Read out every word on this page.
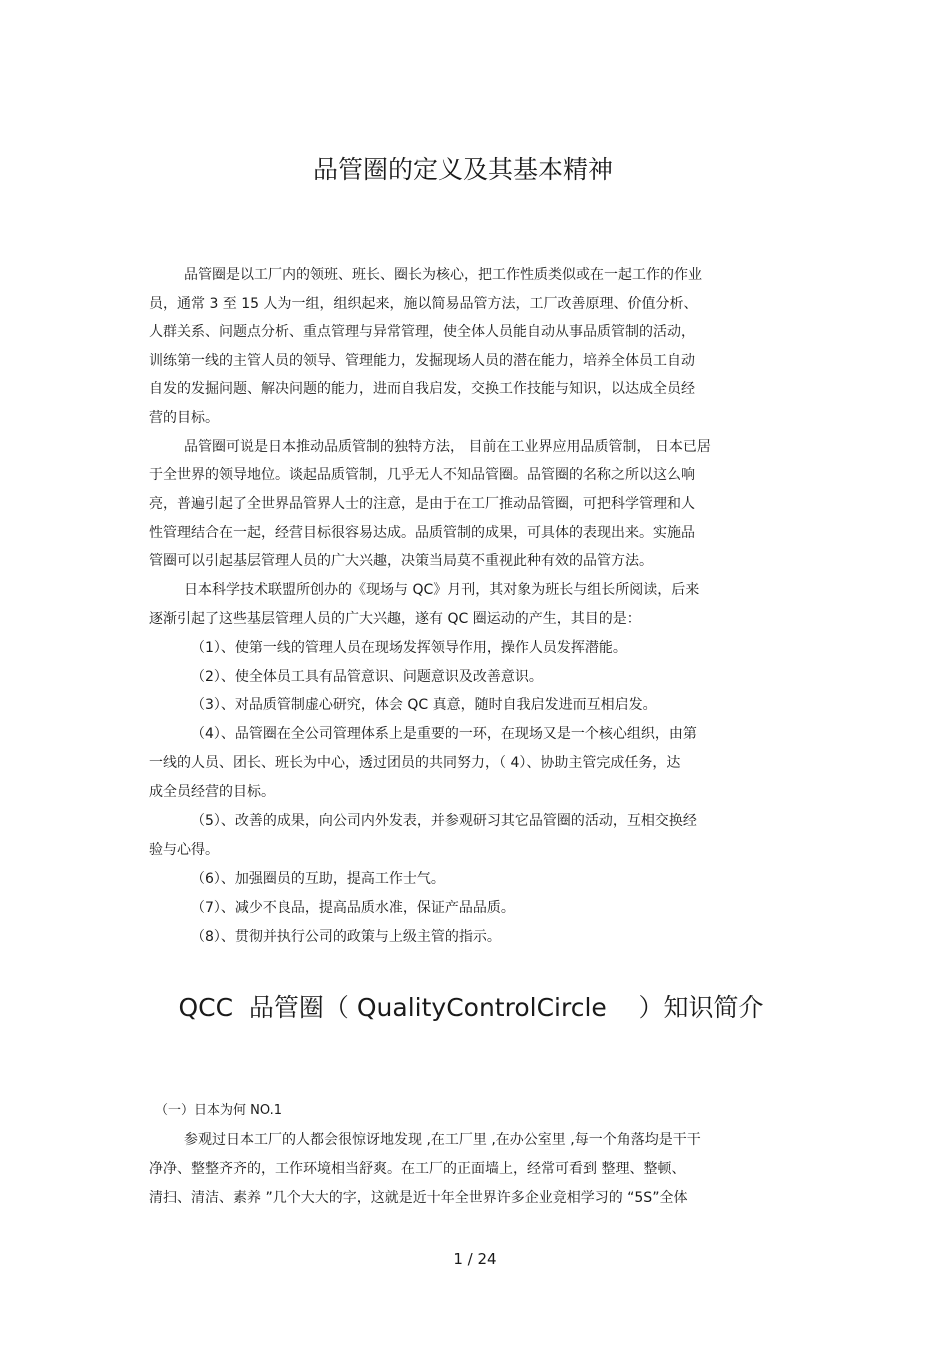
品管圈的定义及其基本精神
品管圈是以工厂内的领班、班长、圈长为核心，把工作性质类似或在一起工作的作业
员，通常 3 至 15 人为一组，组织起来，施以简易品管方法，工厂改善原理、价值分析、
人群关系、问题点分析、重点管理与异常管理，使全体人员能自动从事品质管制的活动，
训练第一线的主管人员的领导、管理能力，发掘现场人员的潜在能力，培养全体员工自动
自发的发掘问题、解决问题的能力，进而自我启发，交换工作技能与知识，以达成全员经
营的目标。
品管圈可说是日本推动品质管制的独特方法， 目前在工业界应用品质管制， 日本已居
于全世界的领导地位。谈起品质管制，几乎无人不知品管圈。品管圈的名称之所以这么响
亮，普遍引起了全世界品管界人士的注意，是由于在工厂推动品管圈，可把科学管理和人
性管理结合在一起，经营目标很容易达成。品质管制的成果，可具体的表现出来。实施品
管圈可以引起基层管理人员的广大兴趣，决策当局莫不重视此种有效的品管方法。
日本科学技术联盟所创办的《现场与 QC》月刊，其对象为班长与组长所阅读，后来
逐渐引起了这些基层管理人员的广大兴趣，遂有 QC 圈运动的产生，其目的是：
（1）、使第一线的管理人员在现场发挥领导作用，操作人员发挥潜能。
（2）、使全体员工具有品管意识、问题意识及改善意识。
（3）、对品质管制虚心研究，体会 QC 真意，随时自我启发进而互相启发。
（4）、品管圈在全公司管理体系上是重要的一环，在现场又是一个核心组织，由第
一线的人员、团长、班长为中心，透过团员的共同努力，（ 4）、协助主管完成任务，达
成全员经营的目标。
（5）、改善的成果，向公司内外发表，并参观研习其它品管圈的活动，互相交换经
验与心得。
（6）、加强圈员的互助，提高工作士气。
（7）、减少不良品，提高品质水准，保证产品品质。
（8）、贯彻并执行公司的政策与上级主管的指示。
QCC  品管圈（ QualityControlCircle    ）知识简介
（一）日本为何 NO.1
参观过日本工厂的人都会很惊讶地发现 ,在工厂里 ,在办公室里 ,每一个角落均是干干
净净、整整齐齐的，工作环境相当舒爽。在工厂的正面墙上，经常可看到 整理、整顿、
清扫、清洁、素养 ”几个大大的字，这就是近十年全世界许多企业竞相学习的 “5S”全体
1 / 24
